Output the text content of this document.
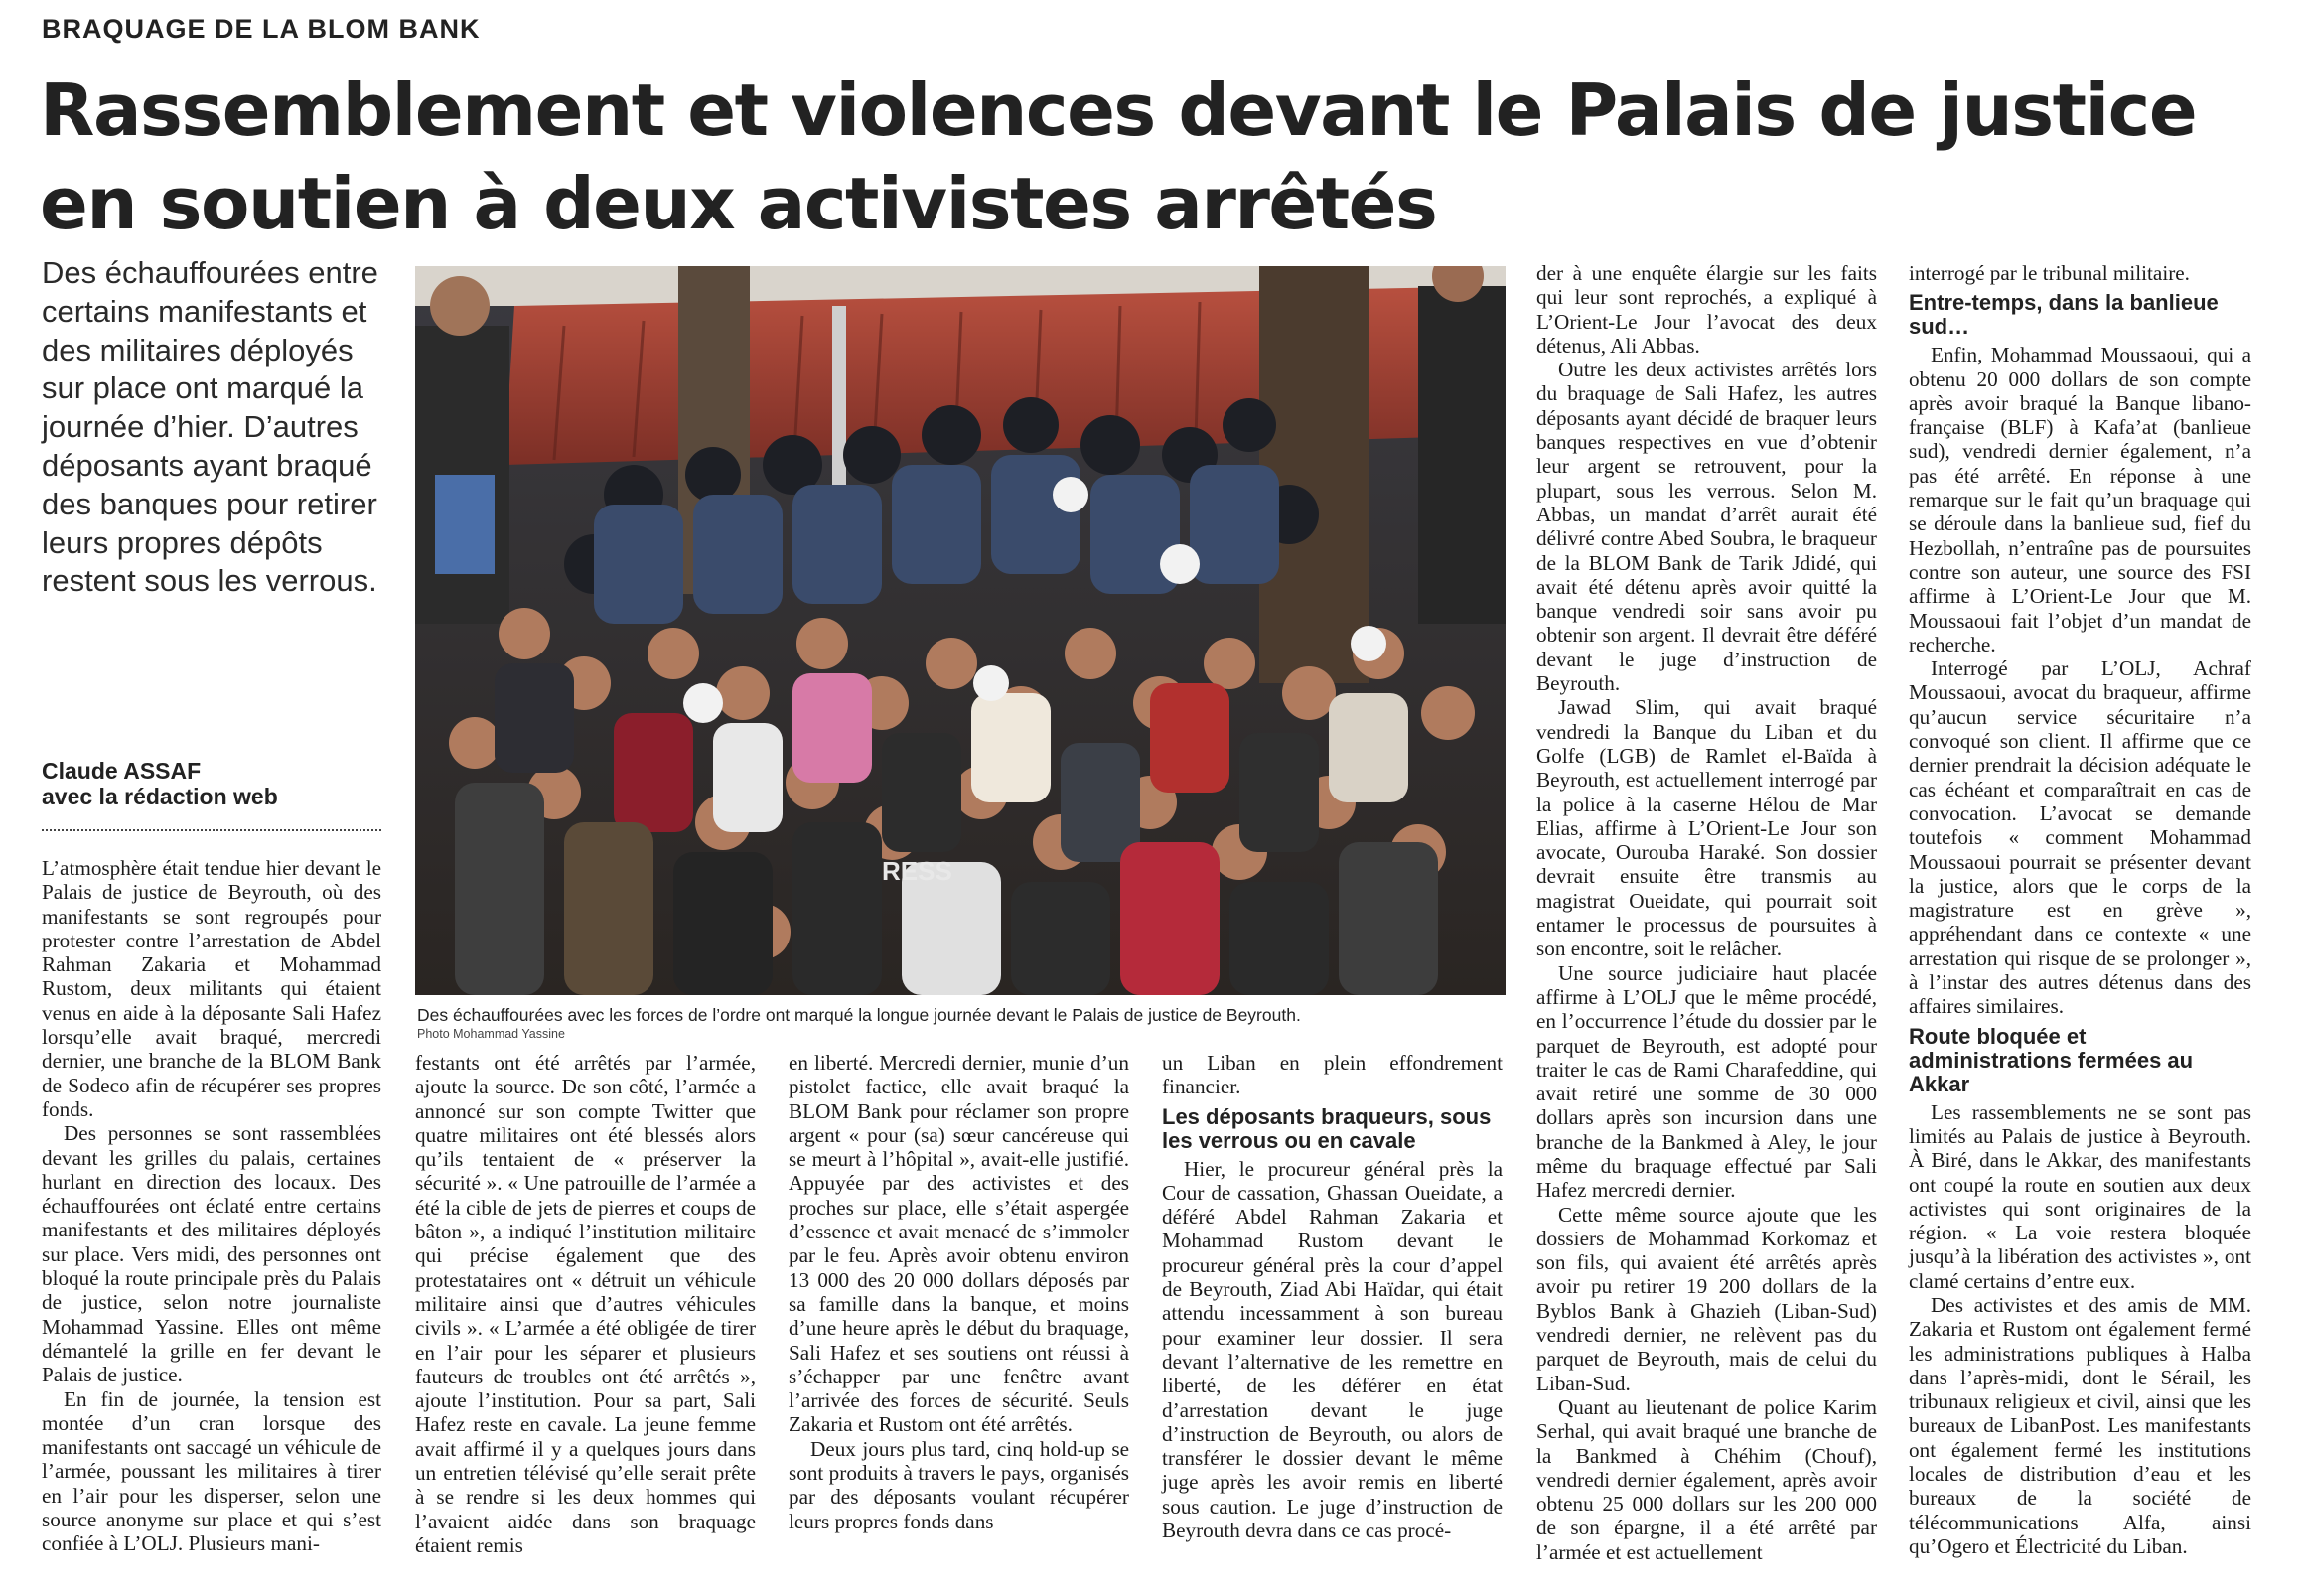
BRAQUAGE DE LA BLOM BANK
Rassemblement et violences devant le Palais de justice
en soutien à deux activistes arrêtés
Des échauffourées entre certains manifestants et des militaires déployés sur place ont marqué la journée d’hier. D’autres déposants ayant braqué des banques pour retirer leurs propres dépôts restent sous les verrous.
Claude ASSAF
avec la rédaction web
RESS
Des échauffourées avec les forces de l’ordre ont marqué la longue journée devant le Palais de justice de Beyrouth.
Photo Mohammad Yassine

L’atmosphère était tendue hier devant le Palais de justice de Beyrouth, où des manifestants se sont regroupés pour protester contre l’arrestation de Abdel Rahman Zakaria et Mohammad Rustom, deux militants qui étaient venus en aide à la déposante Sali Hafez lorsqu’elle avait braqué, mercredi dernier, une branche de la BLOM Bank de Sodeco afin de récupérer ses propres fonds.

Des personnes se sont rassemblées devant les grilles du palais, certaines hurlant en direction des locaux. Des échauffourées ont éclaté entre certains manifestants et des militaires déployés sur place. Vers midi, des personnes ont bloqué la route principale près du Palais de justice, selon notre journaliste Mohammad Yassine. Elles ont même démantelé la grille en fer devant le Palais de justice.

En fin de journée, la tension est montée d’un cran lorsque des manifestants ont saccagé un véhicule de l’armée, poussant les militaires à tirer en l’air pour les disperser, selon une source anonyme sur place et qui s’est confiée à L’OLJ. Plusieurs mani-

festants ont été arrêtés par l’armée, ajoute la source. De son côté, l’armée a annoncé sur son compte Twitter que quatre militaires ont été blessés alors qu’ils tentaient de « préserver la sécurité ». « Une patrouille de l’armée a été la cible de jets de pierres et coups de bâton », a indiqué l’institution militaire qui précise également que des protestataires ont « détruit un véhicule militaire ainsi que d’autres véhicules civils ». « L’armée a été obligée de tirer en l’air pour les séparer et plusieurs fauteurs de troubles ont été arrêtés », ajoute l’institution. Pour sa part, Sali Hafez reste en cavale. La jeune femme avait affirmé il y a quelques jours dans un entretien télévisé qu’elle serait prête à se rendre si les deux hommes qui l’avaient aidée dans son braquage étaient remis

en liberté. Mercredi dernier, munie d’un pistolet factice, elle avait braqué la BLOM Bank pour réclamer son propre argent « pour (sa) sœur cancéreuse qui se meurt à l’hôpital », avait-elle justifié. Appuyée par des activistes et des proches sur place, elle s’était aspergée d’essence et avait menacé de s’immoler par le feu. Après avoir obtenu environ 13 000 des 20 000 dollars déposés par sa famille dans la banque, et moins d’une heure après le début du braquage, Sali Hafez et ses soutiens ont réussi à s’échapper par une fenêtre avant l’arrivée des forces de sécurité. Seuls Zakaria et Rustom ont été arrêtés.

Deux jours plus tard, cinq hold-up se sont produits à travers le pays, organisés par des déposants voulant récupérer leurs propres fonds dans

un Liban en plein effondrement financier.

Les déposants braqueurs, sous les verrous ou en cavale

Hier, le procureur général près la Cour de cassation, Ghassan Oueidate, a déféré Abdel Rahman Zakaria et Mohammad Rustom devant le procureur général près la cour d’appel de Beyrouth, Ziad Abi Haïdar, qui était attendu incessamment à son bureau pour examiner leur dossier. Il sera devant l’alternative de les remettre en liberté, de les déférer en état d’arrestation devant le juge d’instruction de Beyrouth, ou alors de transférer le dossier devant le même juge après les avoir remis en liberté sous caution. Le juge d’instruction de Beyrouth devra dans ce cas procé-

der à une enquête élargie sur les faits qui leur sont reprochés, a expliqué à L’Orient-Le Jour l’avocat des deux détenus, Ali Abbas.

Outre les deux activistes arrêtés lors du braquage de Sali Hafez, les autres déposants ayant décidé de braquer leurs banques respectives en vue d’obtenir leur argent se retrouvent, pour la plupart, sous les verrous. Selon M. Abbas, un mandat d’arrêt aurait été délivré contre Abed Soubra, le braqueur de la BLOM Bank de Tarik Jdidé, qui avait été détenu après avoir quitté la banque vendredi soir sans avoir pu obtenir son argent. Il devrait être déféré devant le juge d’instruction de Beyrouth.

Jawad Slim, qui avait braqué vendredi la Banque du Liban et du Golfe (LGB) de Ramlet el-Baïda à Beyrouth, est actuellement interrogé par la police à la caserne Hélou de Mar Elias, affirme à L’Orient-Le Jour son avocate, Ourouba Haraké. Son dossier devrait ensuite être transmis au magistrat Oueidate, qui pourrait soit entamer le processus de poursuites à son encontre, soit le relâcher.

Une source judiciaire haut placée affirme à L’OLJ que le même procédé, en l’occurrence l’étude du dossier par le parquet de Beyrouth, est adopté pour traiter le cas de Rami Charafeddine, qui avait retiré une somme de 30 000 dollars après son incursion dans une branche de la Bankmed à Aley, le jour même du braquage effectué par Sali Hafez mercredi dernier.

Cette même source ajoute que les dossiers de Mohammad Korkomaz et son fils, qui avaient été arrêtés après avoir pu retirer 19 200 dollars de la Byblos Bank à Ghazieh (Liban-Sud) vendredi dernier, ne relèvent pas du parquet de Beyrouth, mais de celui du Liban-Sud.

Quant au lieutenant de police Karim Serhal, qui avait braqué une branche de la Bankmed à Chéhim (Chouf), vendredi dernier également, après avoir obtenu 25 000 dollars sur les 200 000 de son épargne, il a été arrêté par l’armée et est actuellement

interrogé par le tribunal militaire.

Entre-temps, dans la banlieue sud…

Enfin, Mohammad Moussaoui, qui a obtenu 20 000 dollars de son compte après avoir braqué la Banque libano-française (BLF) à Kafa’at (banlieue sud), vendredi dernier également, n’a pas été arrêté. En réponse à une remarque sur le fait qu’un braquage qui se déroule dans la banlieue sud, fief du Hezbollah, n’entraîne pas de poursuites contre son auteur, une source des FSI affirme à L’Orient-Le Jour que M. Moussaoui fait l’objet d’un mandat de recherche.

Interrogé par L’OLJ, Achraf Moussaoui, avocat du braqueur, affirme qu’aucun service sécuritaire n’a convoqué son client. Il affirme que ce dernier prendrait la décision adéquate le cas échéant et comparaîtrait en cas de convocation. L’avocat se demande toutefois « comment Mohammad Moussaoui pourrait se présenter devant la justice, alors que le corps de la magistrature est en grève », appréhendant dans ce contexte « une arrestation qui risque de se prolonger », à l’instar des autres détenus dans des affaires similaires.

Route bloquée et administrations fermées au Akkar

Les rassemblements ne se sont pas limités au Palais de justice à Beyrouth. À Biré, dans le Akkar, des manifestants ont coupé la route en soutien aux deux activistes qui sont originaires de la région. « La voie restera bloquée jusqu’à la libération des activistes », ont clamé certains d’entre eux.

Des activistes et des amis de MM. Zakaria et Rustom ont également fermé les administrations publiques à Halba dans l’après-midi, dont le Sérail, les tribunaux religieux et civil, ainsi que les bureaux de LibanPost. Les manifestants ont également fermé les institutions locales de distribution d’eau et les bureaux de la société de télécommunications Alfa, ainsi qu’Ogero et Électricité du Liban.
